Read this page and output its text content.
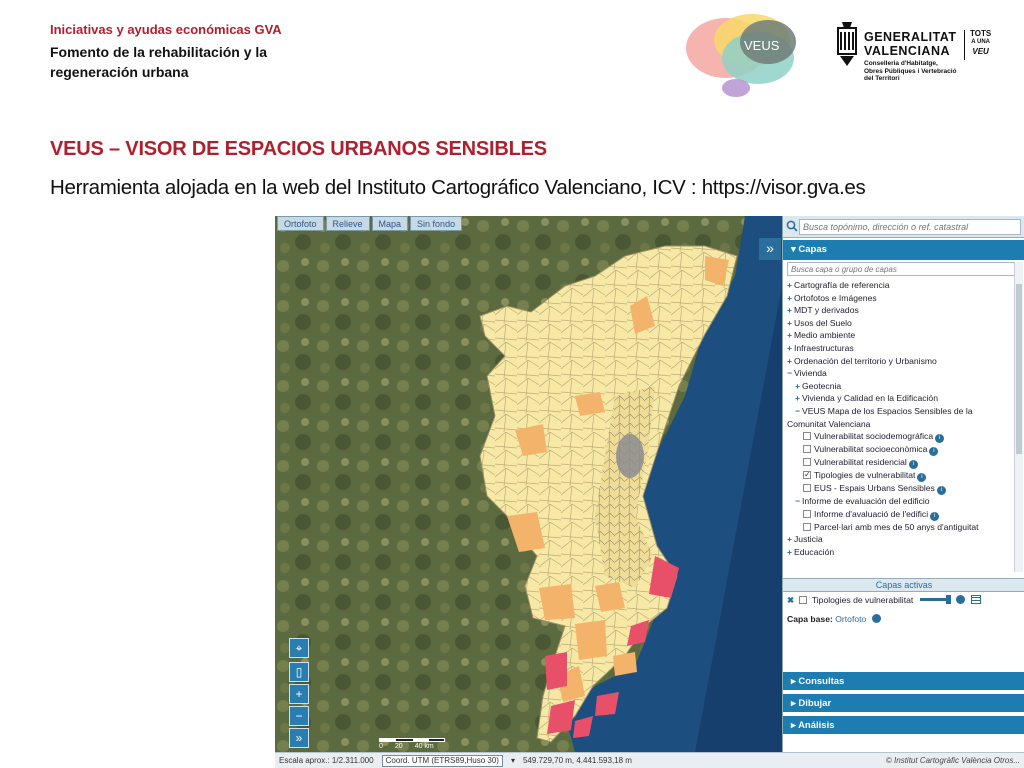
Iniciativas y ayudas económicas GVA
Fomento de la rehabilitación y la regeneración urbana
VEUS
GENERALITAT
VALENCIANA
TOTS
A UNA
VEU
Conselleria d'Habitatge,
Obres Públiques i Vertebració
del Territori
VEUS – VISOR DE ESPACIOS URBANOS SENSIBLES
Herramienta alojada en la web del Instituto Cartográfico Valenciano, ICV : https://visor.gva.es
Ortofoto	Relieve	Mapa	Sin fondo
⌖
▯
+
−
»
0 20 40 km
Escala aprox.: 1/2.311.000	Coord. UTM (ETRS89,Huso 30)	▾ 549.729,70 m, 4.441.593,18 m	© Institut Cartogràfic València Otros...
»
Busca topónimo, dirección o ref. catastral	▾ Capas
Busca capa o grupo de capas
+ Cartografía de referencia
+ Ortofotos e Imágenes
+ MDT y derivados
+ Usos del Suelo
+ Medio ambiente
+ Infraestructuras
+ Ordenación del territorio y Urbanismo
− Vivienda
+ Geotecnia
+ Vivienda y Calidad en la Edificación
− VEUS Mapa de los Espacios Sensibles de la
Comunitat Valenciana
Vulnerabilitat sociodemográfica i
Vulnerabilitat socioeconòmica i
Vulnerabilitat residencial i
✓Tipologies de vulnerabilitat i
EUS - Espais Urbans Sensibles i
− Informe de evaluación del edificio
Informe d'avaluació de l'edifici i
Parcel·lari amb mes de 50 anys d'antiguitat
+ Justicia
+ Educación
Capas activas
✖ Tipologies de vulnerabilitat
Capa base: Ortofoto
▸ Consultas
▸ Dibujar
▸ Análisis
